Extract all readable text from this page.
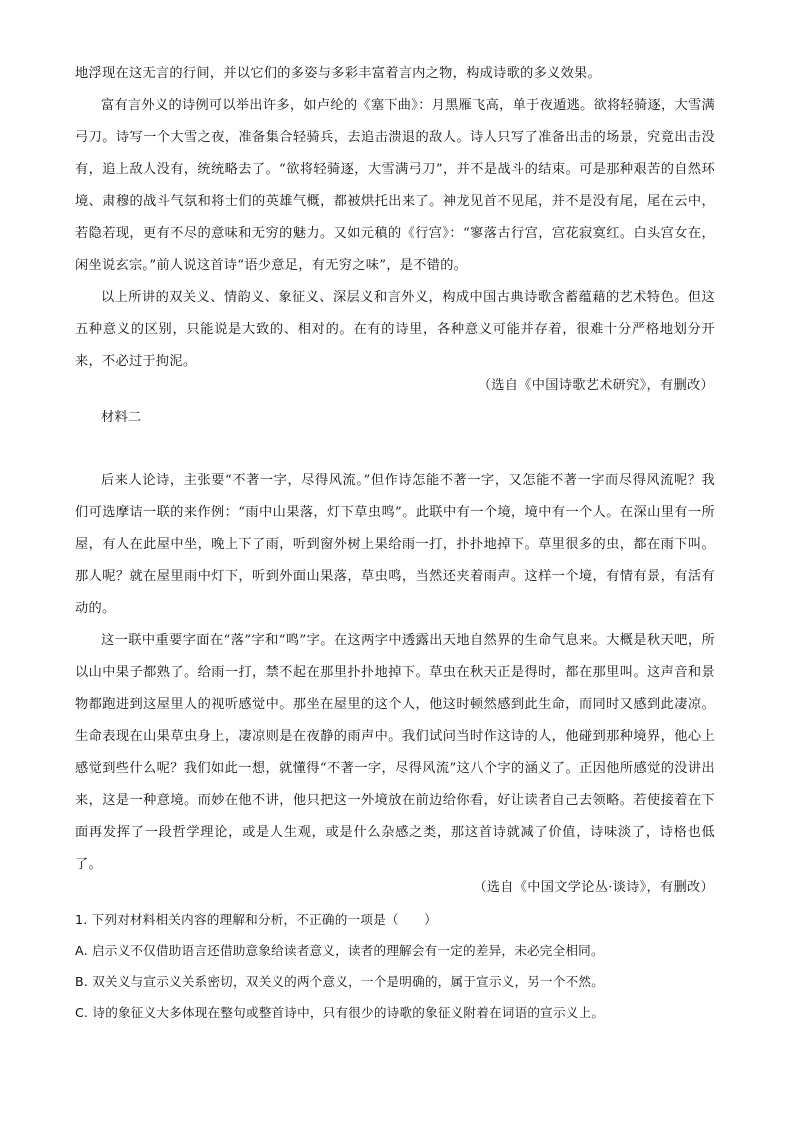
地浮现在这无言的行间，并以它们的多姿与多彩丰富着言内之物，构成诗歌的多义效果。

富有言外义的诗例可以举出许多，如卢纶的《塞下曲》：月黑雁飞高，单于夜遁逃。欲将轻骑逐，大雪满弓刀。诗写一个大雪之夜，准备集合轻骑兵，去追击溃退的敌人。诗人只写了准备出击的场景，究竟出击没有，追上敌人没有，统统略去了。“欲将轻骑逐，大雪满弓刀”，并不是战斗的结束。可是那种艰苦的自然环境、肃穆的战斗气氛和将士们的英雄气概，都被烘托出来了。神龙见首不见尾，并不是没有尾，尾在云中，若隐若现，更有不尽的意味和无穷的魅力。又如元稹的《行宫》：“寥落古行宫，宫花寂寞红。白头宫女在，闲坐说玄宗。”前人说这首诗“语少意足，有无穷之味”，是不错的。

以上所讲的双关义、情韵义、象征义、深层义和言外义，构成中国古典诗歌含蓄蕴藉的艺术特色。但这五种意义的区别，只能说是大致的、相对的。在有的诗里，各种意义可能并存着，很难十分严格地划分开来，不必过于拘泥。

（选自《中国诗歌艺术研究》，有删改）

材料二

后来人论诗，主张要“不著一字，尽得风流。”但作诗怎能不著一字，又怎能不著一字而尽得风流呢？我们可选摩诘一联的来作例：“雨中山果落，灯下草虫鸣”。此联中有一个境，境中有一个人。在深山里有一所屋，有人在此屋中坐，晚上下了雨，听到窗外树上果给雨一打，扑扑地掉下。草里很多的虫，都在雨下叫。那人呢？就在屋里雨中灯下，听到外面山果落，草虫鸣，当然还夹着雨声。这样一个境，有情有景，有活有动的。

这一联中重要字面在“落”字和“鸣”字。在这两字中透露出天地自然界的生命气息来。大概是秋天吧，所以山中果子都熟了。给雨一打，禁不起在那里扑扑地掉下。草虫在秋天正是得时，都在那里叫。这声音和景物都跑进到这屋里人的视听感觉中。那坐在屋里的这个人，他这时顿然感到此生命，而同时又感到此凄凉。生命表现在山果草虫身上，凄凉则是在夜静的雨声中。我们试问当时作这诗的人，他碰到那种境界，他心上感觉到些什么呢？我们如此一想，就懂得“不著一字，尽得风流”这八个字的涵义了。正因他所感觉的没讲出来，这是一种意境。而妙在他不讲，他只把这一外境放在前边给你看，好让读者自己去领略。若使接着在下面再发挥了一段哲学理论，或是人生观，或是什么杂感之类，那这首诗就减了价值，诗味淡了，诗格也低了。

（选自《中国文学论丛·谈诗》，有删改）

1. 下列对材料相关内容的理解和分析，不正确的一项是（　　）

A. 启示义不仅借助语言还借助意象给读者意义，读者的理解会有一定的差异，未必完全相同。

B. 双关义与宣示义关系密切，双关义的两个意义，一个是明确的，属于宣示义，另一个不然。

C. 诗的象征义大多体现在整句或整首诗中，只有很少的诗歌的象征义附着在词语的宣示义上。
